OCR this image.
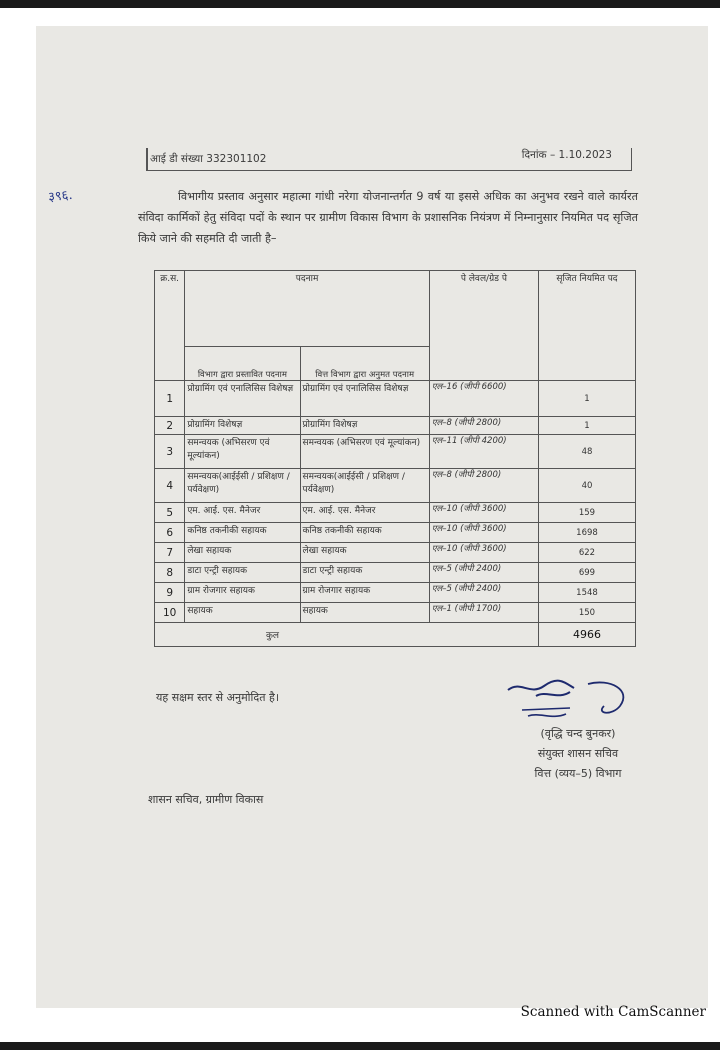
आई डी संख्या 332301102	दिनांक – 1.10.2023
३९६.	विभागीय प्रस्ताव अनुसार महात्मा गांधी नरेगा योजनान्तर्गत 9 वर्ष या इससे अधिक का अनुभव रखने वाले कार्यरत संविदा कार्मिकों हेतु संविदा पदों के स्थान पर ग्रामीण विकास विभाग के प्रशासनिक नियंत्रण में निम्नानुसार नियमित पद सृजित किये जाने की सहमति दी जाती है–
क्र.स.	पदनाम		पे लेवल/ग्रेड पे	सृजित नियमित पद
	विभाग द्वारा प्रस्तावित पदनाम	वित्त विभाग द्वारा अनुमत पदनाम		
1	प्रोग्रामिंग एवं एनालिसिस विशेषज्ञ	प्रोग्रामिंग एवं एनालिसिस विशेषज्ञ	एल–16 (जीपी 6600)	1
2	प्रोग्रामिंग विशेषज्ञ	प्रोग्रामिंग विशेषज्ञ	एल–8 (जीपी 2800)	1
3	समन्वयक (अभिसरण एवं मूल्यांकन)	समन्वयक (अभिसरण एवं मूल्यांकन)	एल–11 (जीपी 4200)	48
4	समन्वयक(आईईसी / प्रशिक्षण / पर्यवेक्षण)	समन्वयक(आईईसी / प्रशिक्षण / पर्यवेक्षण)	एल–8 (जीपी 2800)	40
5	एम. आई. एस. मैनेजर	एम. आई. एस. मैनेजर	एल–10 (जीपी 3600)	159
6	कनिष्ठ तकनीकी सहायक	कनिष्ठ तकनीकी सहायक	एल–10 (जीपी 3600)	1698
7	लेखा सहायक	लेखा सहायक	एल–10 (जीपी 3600)	622
8	डाटा एन्ट्री सहायक	डाटा एन्ट्री सहायक	एल–5 (जीपी 2400)	699
9	ग्राम रोजगार सहायक	ग्राम रोजगार सहायक	एल–5 (जीपी 2400)	1548
10	सहायक	सहायक	एल–1 (जीपी 1700)	150
कुल				4966
यह सक्षम स्तर से अनुमोदित है।
(वृद्धि चन्द बुनकर)
संयुक्त शासन सचिव
वित्त (व्यय–5) विभाग
शासन सचिव, ग्रामीण विकास
Scanned with CamScanner
